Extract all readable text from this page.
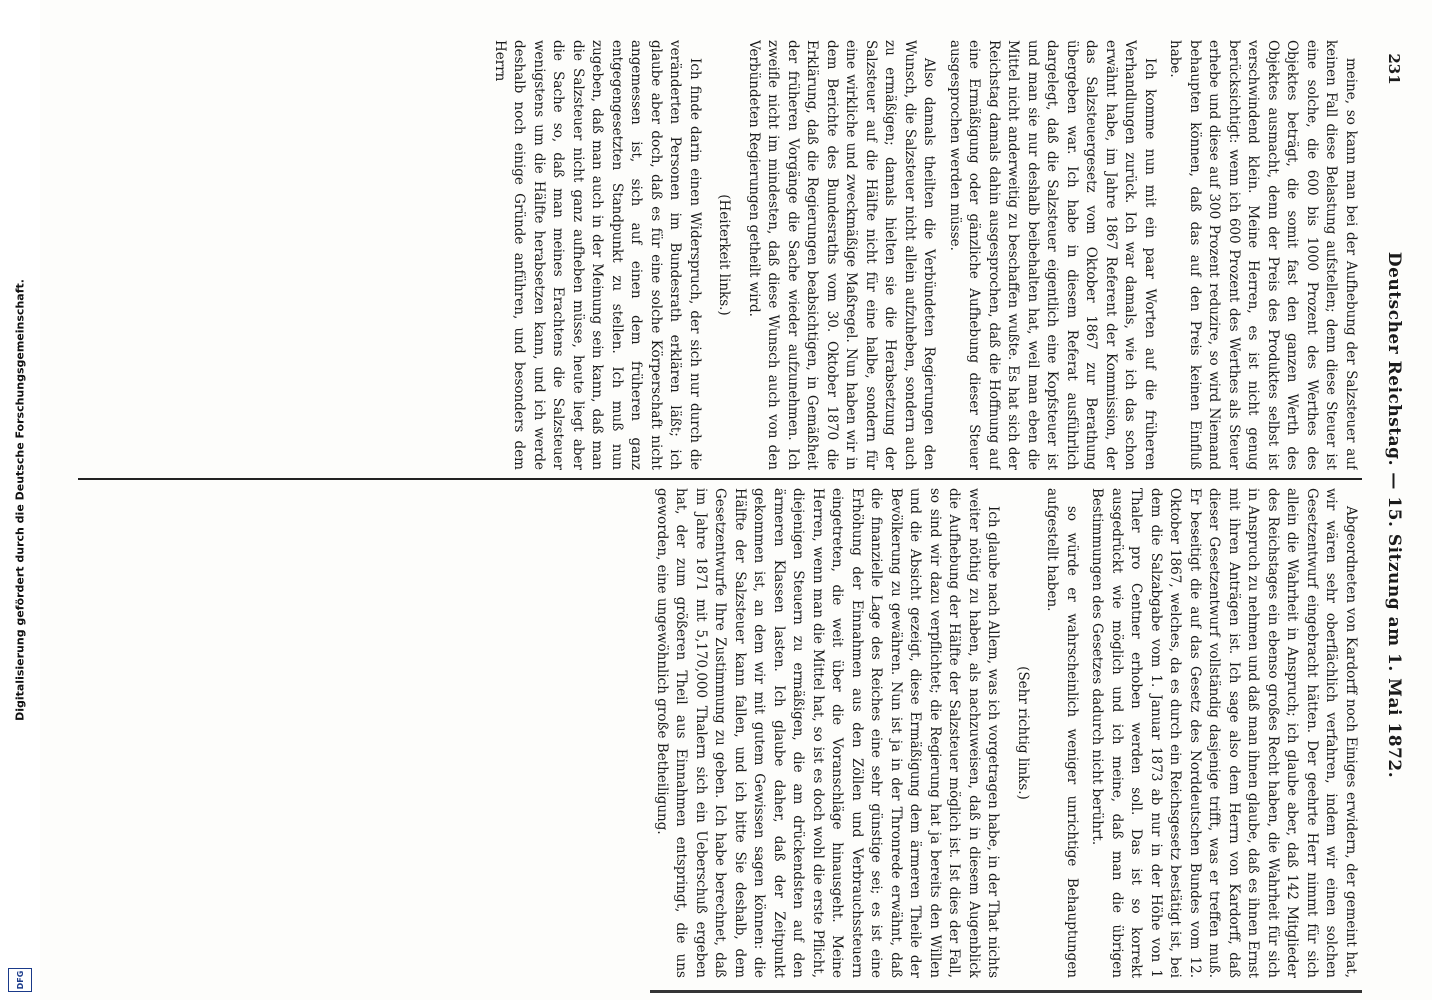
Digitalisierung gefördert durch die Deutsche Forschungsgemeinschaft.
DFG
Deutscher Reichstag. — 15. Sitzung am 1. Mai 1872.
231

meine, so kann man bei der Aufhebung der Salzsteuer auf keinen Fall diese Belastung aufstellen; denn diese Steuer ist eine solche, die 600 bis 1000 Prozent des Werthes des Objektes beträgt, die somit fast den ganzen Werth des Objektes ausmacht, denn der Preis des Produktes selbst ist verschwindend klein. Meine Herren, es ist nicht genug berücksichtigt: wenn ich 600 Prozent des Werthes als Steuer erhebe und diese auf 300 Prozent reduzire, so wird Niemand behaupten können, daß das auf den Preis keinen Einfluß habe.

Ich komme nun mit ein paar Worten auf die früheren Verhandlungen zurück. Ich war damals, wie ich das schon erwähnt habe, im Jahre 1867 Referent der Kommission, der das Salzsteuergesetz vom Oktober 1867 zur Berathung übergeben war. Ich habe in diesem Referat ausführlich dargelegt, daß die Salzsteuer eigentlich eine Kopfsteuer ist und man sie nur deshalb beibehalten hat, weil man eben die Mittel nicht anderweitig zu beschaffen wußte. Es hat sich der Reichstag damals dahin ausgesprochen, daß die Hoffnung auf eine Ermäßigung oder gänzliche Aufhebung dieser Steuer ausgesprochen werden müsse.

Also damals theilten die Verbündeten Regierungen den Wunsch, die Salzsteuer nicht allein aufzuheben, sondern auch zu ermäßigen; damals hielten sie die Herabsetzung der Salzsteuer auf die Hälfte nicht für eine halbe, sondern für eine wirkliche und zweckmäßige Maßregel. Nun haben wir in dem Berichte des Bundesraths vom 30. Oktober 1870 die Erklärung, daß die Regierungen beabsichtigen, in Gemäßheit der früheren Vorgänge die Sache wieder aufzunehmen. Ich zweifle nicht im mindesten, daß diese Wunsch auch von den Verbündeten Regierungen getheilt wird.

(Heiterkeit links.)

Ich finde darin einen Widerspruch, der sich nur durch die veränderten Personen im Bundesrath erklären läßt; ich glaube aber doch, daß es für eine solche Körperschaft nicht angemessen ist, sich auf einen dem früheren ganz entgegengesetzten Standpunkt zu stellen. Ich muß nun zugeben, daß man auch in der Meinung sein kann, daß man die Salzsteuer nicht ganz aufheben müsse, heute liegt aber die Sache so, daß man meines Erachtens die Salzsteuer wenigstens um die Hälfte herabsetzen kann, und ich werde deshalb noch einige Gründe anführen, und besonders dem Herrn

Abgeordneten von Kardorff noch Einiges erwidern, der gemeint hat, wir wären sehr oberflächlich verfahren, indem wir einen solchen Gesetzentwurf eingebracht hätten. Der geehrte Herr nimmt für sich allein die Wahrheit in Anspruch; ich glaube aber, daß 142 Mitglieder des Reichstages ein ebenso großes Recht haben, die Wahrheit für sich in Anspruch zu nehmen und daß man ihnen glaube, daß es ihnen Ernst mit ihren Anträgen ist. Ich sage also dem Herrn von Kardorff, daß dieser Gesetzentwurf vollständig dasjenige trifft, was er treffen muß. Er beseitigt die auf das Gesetz des Norddeutschen Bundes vom 12. Oktober 1867, welches, da es durch ein Reichsgesetz bestätigt ist, bei dem die Salzabgabe vom 1. Januar 1873 ab nur in der Höhe von 1 Thaler pro Centner erhoben werden soll. Das ist so korrekt ausgedrückt wie möglich und ich meine, daß man die übrigen Bestimmungen des Gesetzes dadurch nicht berührt.

so würde er wahrscheinlich weniger unrichtige Behauptungen aufgestellt haben.

(Sehr richtig links.)

Ich glaube nach Allem, was ich vorgetragen habe, in der That nichts weiter nöthig zu haben, als nachzuweisen, daß in diesem Augenblick die Aufhebung der Hälfte der Salzsteuer möglich ist. Ist dies der Fall, so sind wir dazu verpflichtet; die Regierung hat ja bereits den Willen und die Absicht gezeigt, diese Ermäßigung dem ärmeren Theile der Bevölkerung zu gewähren. Nun ist ja in der Thronrede erwähnt, daß die finanzielle Lage des Reiches eine sehr günstige sei; es ist eine Erhöhung der Einnahmen aus den Zöllen und Verbrauchssteuern eingetreten, die weit über die Voranschläge hinausgeht. Meine Herren, wenn man die Mittel hat, so ist es doch wohl die erste Pflicht, diejenigen Steuern zu ermäßigen, die am drückendsten auf den ärmeren Klassen lasten. Ich glaube daher, daß der Zeitpunkt gekommen ist, an dem wir mit gutem Gewissen sagen können: die Hälfte der Salzsteuer kann fallen, und ich bitte Sie deshalb, dem Gesetzentwurfe Ihre Zustimmung zu geben. Ich habe berechnet, daß im Jahre 1871 mit 5,170,000 Thalern sich ein Ueberschuß ergeben hat, der zum größeren Theil aus Einnahmen entspringt, die uns geworden, eine ungewöhnlich große Betheiligung.
